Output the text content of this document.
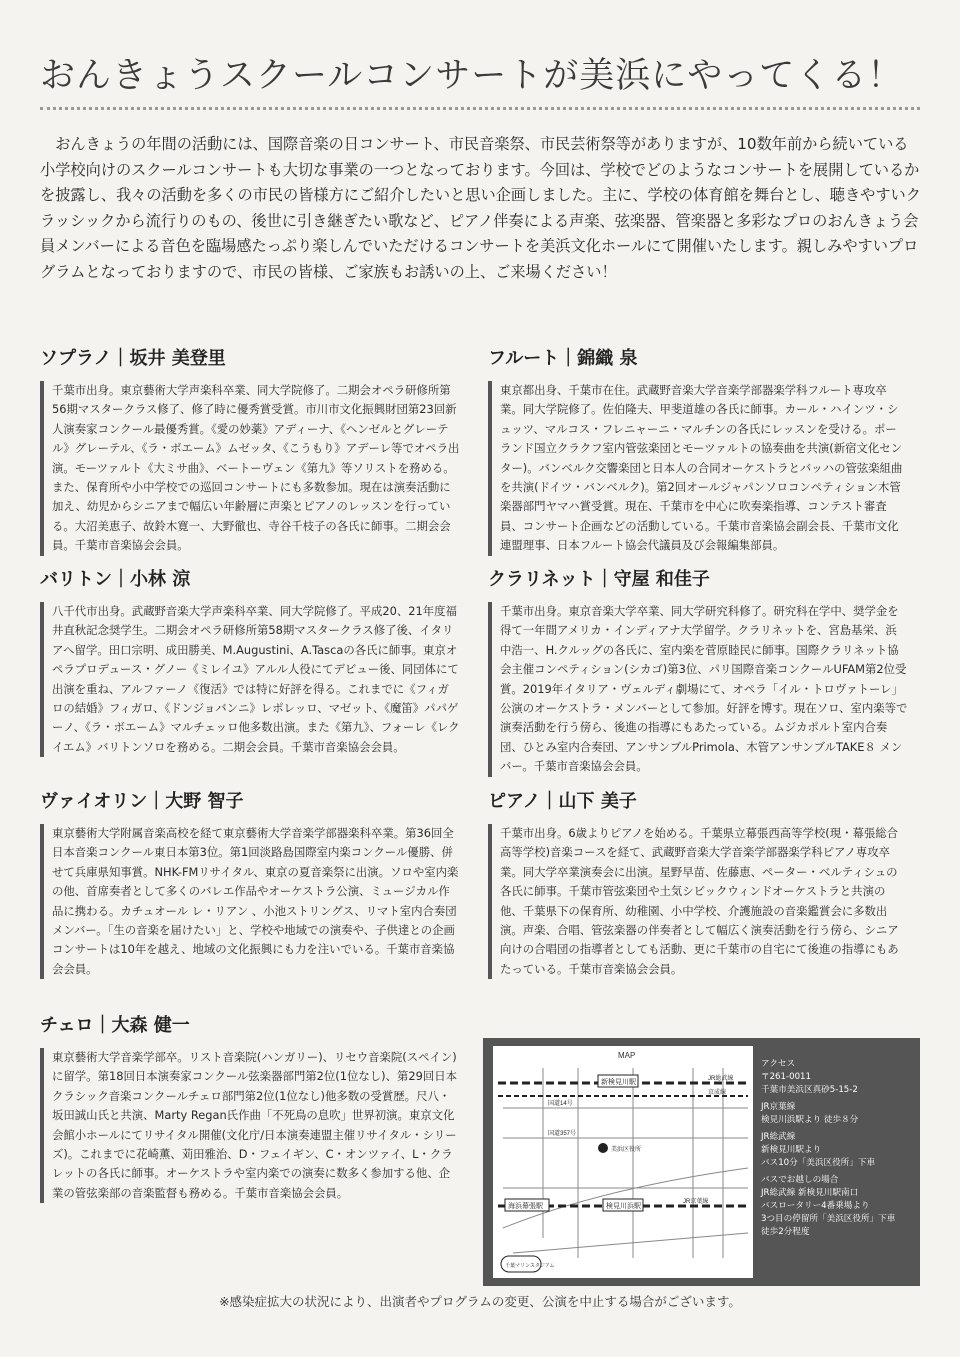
おんきょうスクールコンサートが美浜にやってくる！
おんきょうの年間の活動には、国際音楽の日コンサート、市民音楽祭、市民芸術祭等がありますが、10数年前から続いている小学校向けのスクールコンサートも大切な事業の一つとなっております。今回は、学校でどのようなコンサートを展開しているかを披露し、我々の活動を多くの市民の皆様方にご紹介したいと思い企画しました。主に、学校の体育館を舞台とし、聴きやすいクラッシックから流行りのもの、後世に引き継ぎたい歌など、ピアノ伴奏による声楽、弦楽器、管楽器と多彩なプロのおんきょう会員メンバーによる音色を臨場感たっぷり楽しんでいただけるコンサートを美浜文化ホールにて開催いたします。親しみやすいプログラムとなっておりますので、市民の皆様、ご家族もお誘いの上、ご来場ください！
ソプラノ｜坂井 美登里
千葉市出身。東京藝術大学声楽科卒業、同大学院修了。二期会オペラ研修所第56期マスタークラス修了、修了時に優秀賞受賞。市川市文化振興財団第23回新人演奏家コンクール最優秀賞。《愛の妙薬》アディーナ、《ヘンゼルとグレーテル》グレーテル、《ラ・ボエーム》ムゼッタ、《こうもり》アデーレ等でオペラ出演。モーツァルト《大ミサ曲》、ベートーヴェン《第九》等ソリストを務める。また、保育所や小中学校での巡回コンサートにも多数参加。現在は演奏活動に加え、幼児からシニアまで幅広い年齢層に声楽とピアノのレッスンを行っている。大沼美恵子、故鈴木寛一、大野徹也、寺谷千枝子の各氏に師事。二期会会員。千葉市音楽協会会員。
バリトン｜小林 涼
八千代市出身。武蔵野音楽大学声楽科卒業、同大学院修了。平成20、21年度福井直秋記念奨学生。二期会オペラ研修所第58期マスタークラス修了後、イタリアへ留学。田口宗明、成田勝美、M.Augustini、A.Tascaの各氏に師事。東京オペラプロデュース・グノー《ミレイユ》アルル人役にてデビュー後、同団体にて出演を重ね、アルファーノ《復活》では特に好評を得る。これまでに《フィガロの結婚》フィガロ、《ドンジョバンニ》レポレッロ、マゼット、《魔笛》パパゲーノ、《ラ・ボエーム》マルチェッロ他多数出演。また《第九》、フォーレ《レクイエム》バリトンソロを務める。二期会会員。千葉市音楽協会会員。
ヴァイオリン｜大野 智子
東京藝術大学附属音楽高校を経て東京藝術大学音楽学部器楽科卒業。第36回全日本音楽コンクール東日本第3位。第1回淡路島国際室内楽コンクール優勝、併せて兵庫県知事賞。NHK-FMリサイタル、東京の夏音楽祭に出演。ソロや室内楽の他、首席奏者として多くのバレエ作品やオーケストラ公演、ミュージカル作品に携わる。カチュオール レ・リアン 、小池ストリングス、リマト室内合奏団メンバー。「生の音楽を届けたい」と、学校や地域での演奏や、子供達との企画コンサートは10年を越え、地域の文化振興にも力を注いでいる。千葉市音楽協会会員。
チェロ｜大森 健一
東京藝術大学音楽学部卒。リスト音楽院(ハンガリー)、リセウ音楽院(スペイン)に留学。第18回日本演奏家コンクール弦楽器部門第2位(1位なし)、第29回日本クラシック音楽コンクールチェロ部門第2位(1位なし)他多数の受賞歴。尺八・坂田誠山氏と共演、Marty Regan氏作曲「不死鳥の息吹」世界初演。東京文化会館小ホールにてリサイタル開催(文化庁/日本演奏連盟主催リサイタル・シリーズ)。これまでに花崎薫、苅田雅治、D・フェイギン、C・オンツァイ、L・クラレットの各氏に師事。オーケストラや室内楽での演奏に数多く参加する他、企業の管弦楽部の音楽監督も務める。千葉市音楽協会会員。
フルート｜錦織 泉
東京都出身、千葉市在住。武蔵野音楽大学音楽学部器楽学科フルート専攻卒業。同大学院修了。佐伯隆夫、甲斐道雄の各氏に師事。カール・ハインツ・シュッツ、マルコス・フレニャーニ・マルチンの各氏にレッスンを受ける。ポーランド国立クラクフ室内管弦楽団とモーツァルトの協奏曲を共演(新宿文化センター)。バンベルク交響楽団と日本人の合同オーケストラとバッハの管弦楽組曲を共演(ドイツ・バンベルク)。第2回オールジャパンソロコンペティション木管楽器部門ヤマハ賞受賞。現在、千葉市を中心に吹奏楽指導、コンテスト審査員、コンサート企画などの活動している。千葉市音楽協会副会長、千葉市文化連盟理事、日本フルート協会代議員及び会報編集部員。
クラリネット｜守屋 和佳子
千葉市出身。東京音楽大学卒業、同大学研究科修了。研究科在学中、奨学金を得て一年間アメリカ・インディアナ大学留学。クラリネットを、宮島基栄、浜中浩一、H.クルッグの各氏に、室内楽を菅原睦民に師事。国際クラリネット協会主催コンペティション(シカゴ)第3位、パリ国際音楽コンクールUFAM第2位受賞。2019年イタリア・ヴェルディ劇場にて、オペラ「イル・トロヴァトーレ」公演のオーケストラ・メンバーとして参加。好評を博す。現在ソロ、室内楽等で演奏活動を行う傍ら、後進の指導にもあたっている。ムジカポルト室内合奏団、ひとみ室内合奏団、アンサンブルPrimola、木管アンサンブルTAKE８ メンバー。千葉市音楽協会会員。
ピアノ｜山下 美子
千葉市出身。6歳よりピアノを始める。千葉県立幕張西高等学校(現・幕張総合高等学校)音楽コースを経て、武蔵野音楽大学音楽学部器楽学科ピアノ専攻卒業。同大学卒業演奏会に出演。星野早苗、佐藤恵、ペーター・ベルティシュの各氏に師事。千葉市管弦楽団や土気シビックウィンドオーケストラと共演の他、千葉県下の保育所、幼稚園、小中学校、介護施設の音楽鑑賞会に多数出演。声楽、合唱、管弦楽器の伴奏者として幅広く演奏活動を行う傍ら、シニア向けの合唱団の指導者としても活動、更に千葉市の自宅にて後進の指導にもあたっている。千葉市音楽協会会員。
MAP
新検見川駅
海浜幕張駅	検見川浜駅
JR総武線
JR京葉線
京成線
国道14号
国道357号
美浜区役所
千葉マリンスタジアム
アクセス
〒261-0011
千葉市美浜区真砂5-15-2

JR京葉線
検見川浜駅より 徒歩８分

JR総武線
新検見川駅より
バス10分「美浜区役所」下車

バスでお越しの場合
JR総武線 新検見川駅南口
バスロータリー4番乗場より
3つ目の停留所「美浜区役所」下車
徒歩2分程度
※感染症拡大の状況により、出演者やプログラムの変更、公演を中止する場合がございます。
